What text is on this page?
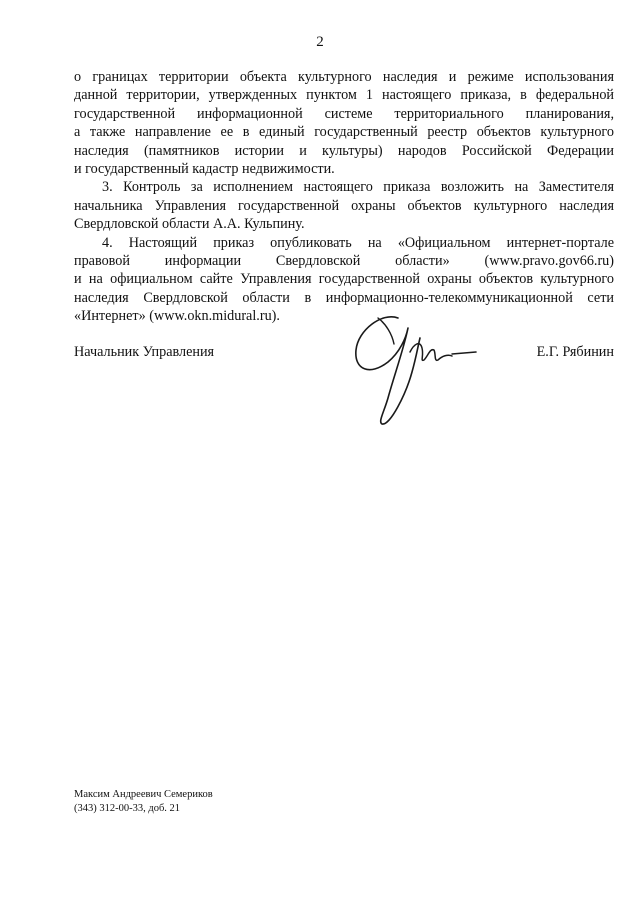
2
о границах территории объекта культурного наследия и режиме использования
данной территории, утвержденных пунктом 1 настоящего приказа, в федеральной
государственной информационной системе территориального планирования,
а также направление ее в единый государственный реестр объектов культурного
наследия (памятников истории и культуры) народов Российской Федерации
и государственный кадастр недвижимости.
3. Контроль за исполнением настоящего приказа возложить на Заместителя
начальника Управления государственной охраны объектов культурного наследия
Свердловской области А.А. Кульпину.
4. Настоящий приказ опубликовать на «Официальном интернет-портале
правовой информации Свердловской области» (www.pravo.gov66.ru)
и на официальном сайте Управления государственной охраны объектов культурного
наследия Свердловской области в информационно-телекоммуникационной сети
«Интернет» (www.okn.midural.ru).
Начальник Управления	Е.Г. Рябинин
Максим Андреевич Семериков
(343) 312-00-33, доб. 21
